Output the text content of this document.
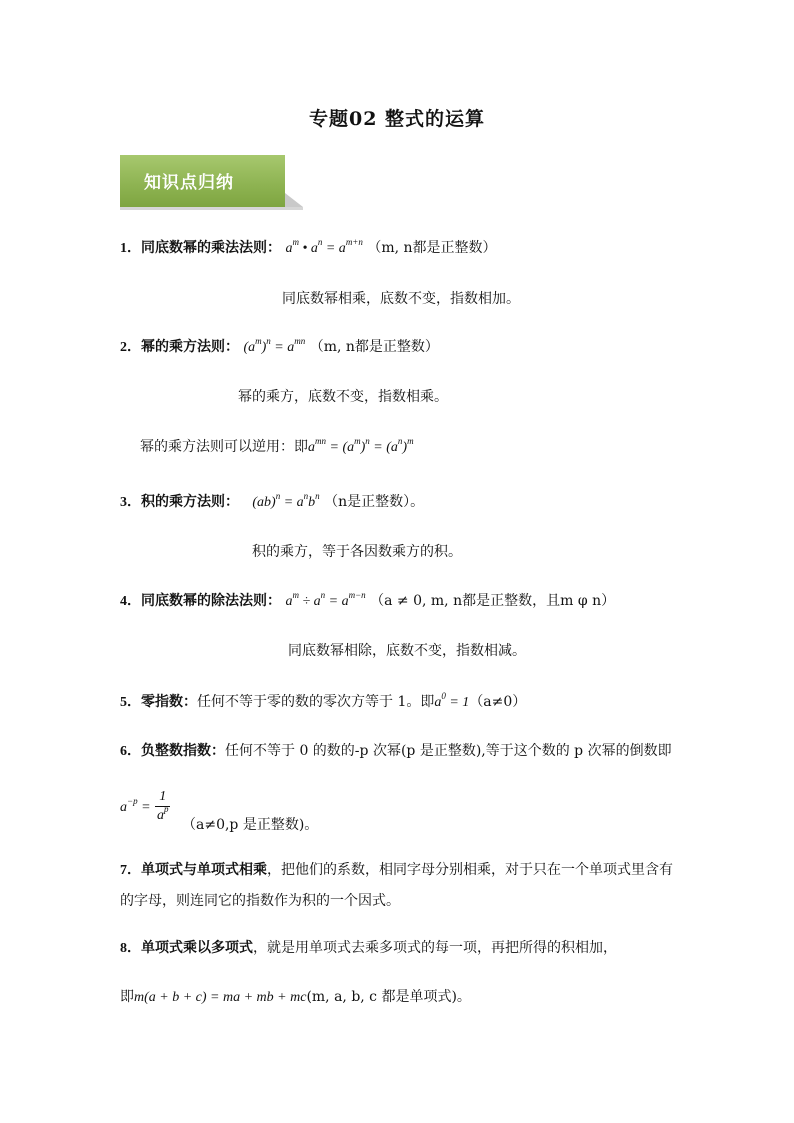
专题02 整式的运算
知识点归纳
1．同底数幂的乘法法则： $a^m$ • $a^n = a^{m+n}$ （m, n都是正整数）
同底数幂相乘，底数不变，指数相加。
2．幂的乘方法则： $(a^m)^n = a^{mn}$ （m, n都是正整数）
幂的乘方，底数不变，指数相乘。
幂的乘方法则可以逆用：即$a^{mn} = (a^m)^n = (a^n)^m$
3．积的乘方法则： $(ab)^n = a^nb^n$ （n是正整数）。
积的乘方，等于各因数乘方的积。
4．同底数幂的除法法则： $a^m \div a^n = a^{m-n}$ （a ≠ 0, m, n都是正整数，且m φ n）
同底数幂相除，底数不变，指数相减。
5．零指数：任何不等于零的数的零次方等于 1。即$a^0 = 1(a\ne 0)$
6．负整数指数：任何不等于 0 的数的-p 次幂(p 是正整数),等于这个数的 p 次幂的倒数即
$a^{-p} = \frac{1}{a^p} (a\ne 0,p$ 是正整数)。
7．单项式与单项式相乘，把他们的系数，相同字母分别相乘，对于只在一个单项式里含有
的字母，则连同它的指数作为积的一个因式。
8．单项式乘以多项式，就是用单项式去乘多项式的每一项，再把所得的积相加，
即m(a + b + c) = ma + mb + mc(m, a, b, c 都是单项式)。
